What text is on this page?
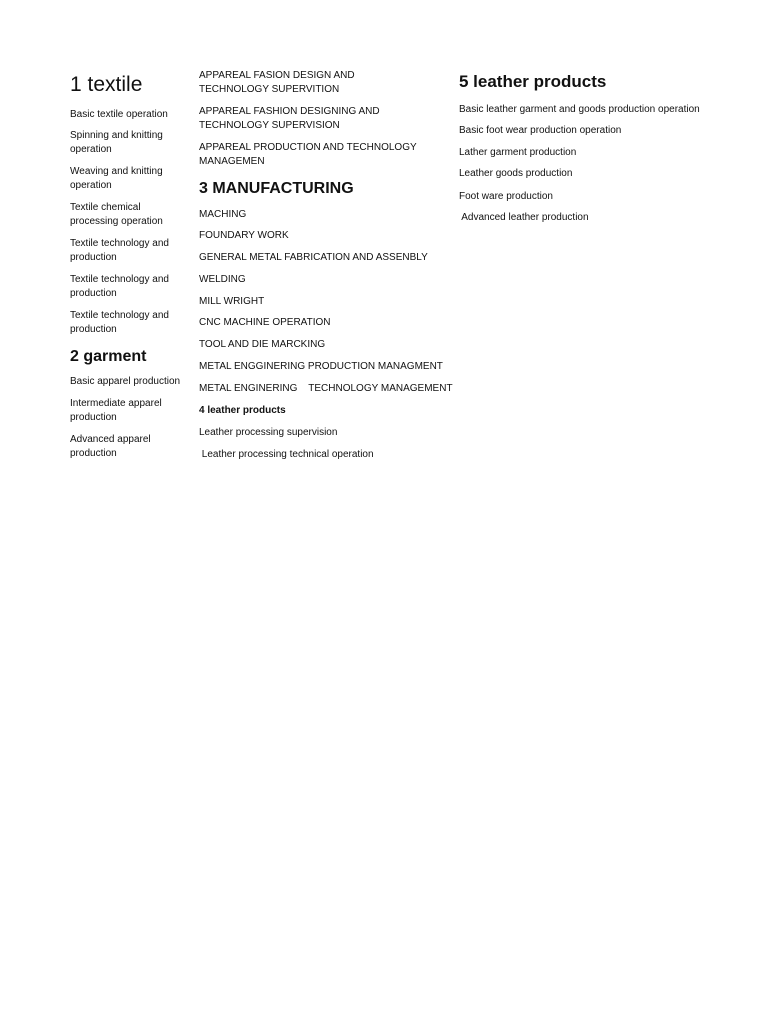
1 textile

Basic textile operation

Spinning and knitting operation

Weaving and knitting operation

Textile chemical processing operation

Textile technology and production

Textile technology and production

Textile technology and production

2 garment

Basic apparel production

Intermediate apparel production

Advanced apparel production

APPAREAL FASION DESIGN AND TECHNOLOGY SUPERVITION

APPAREAL FASHION DESIGNING AND TECHNOLOGY SUPERVISION

APPAREAL PRODUCTION AND TECHNOLOGY MANAGEMEN

3 MANUFACTURING

MACHING

FOUNDARY WORK

GENERAL METAL FABRICATION AND ASSENBLY

WELDING

MILL WRIGHT

CNC MACHINE OPERATION

TOOL AND DIE MARCKING

METAL ENGGINERING PRODUCTION MANAGMENT

METAL ENGINERING    TECHNOLOGY MANAGEMENT

4 leather products

Leather processing supervision

Leather processing technical operation

5 leather products

Basic leather garment and goods production operation

Basic foot wear production operation

Lather garment production

Leather goods production

Foot ware production

Advanced leather production
